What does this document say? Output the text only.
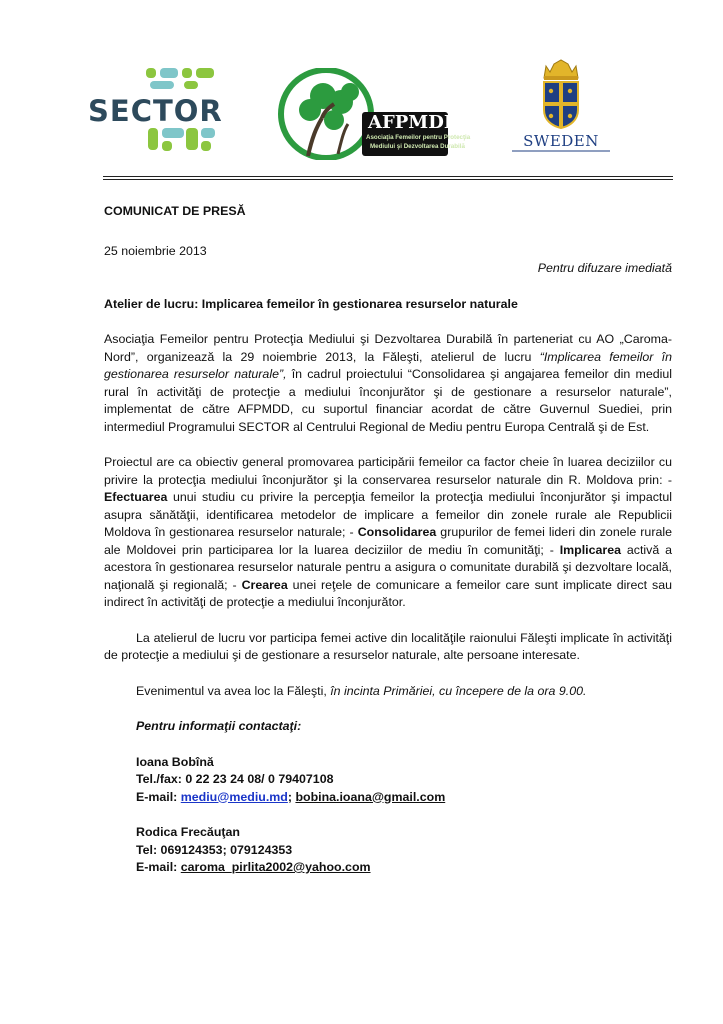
SECTOR	AFPMDD
Asociaţia Femeilor pentru Protecţia
Mediului şi Dezvoltarea Durabilă	SWEDEN

COMUNICAT DE PRESĂ

25 noiembrie 2013

Pentru difuzare imediată

Atelier de lucru: Implicarea femeilor în gestionarea resurselor naturale

Asociaţia Femeilor pentru Protecţia Mediului şi Dezvoltarea Durabilă în parteneriat cu AO „Caroma-Nord”, organizează la 29 noiembrie 2013, la Făleşti, atelierul de lucru “Implicarea femeilor în gestionarea resurselor naturale”, în cadrul proiectului “Consolidarea şi angajarea femeilor din mediul rural în activităţi de protecţie a mediului înconjurător şi de gestionare a resurselor naturale”, implementat de către AFPMDD, cu suportul financiar acordat de către Guvernul Suediei, prin intermediul Programului SECTOR al Centrului Regional de Mediu pentru Europa Centrală şi de Est.

Proiectul are ca obiectiv general promovarea participării femeilor ca factor cheie în luarea deciziilor cu privire la protecţia mediului înconjurător şi la conservarea resurselor naturale din R. Moldova prin: - Efectuarea unui studiu cu privire la percepţia femeilor la protecţia mediului înconjurător şi impactul asupra sănătăţii, identificarea metodelor de implicare a femeilor din zonele rurale ale Republicii Moldova în gestionarea resurselor naturale; - Consolidarea grupurilor de femei lideri din zonele rurale ale Moldovei prin participarea lor la luarea deciziilor de mediu în comunităţi; - Implicarea activă a acestora în gestionarea resurselor naturale pentru a asigura o comunitate durabilă şi dezvoltare locală, naţională şi regională; - Crearea unei reţele de comunicare a femeilor care sunt implicate direct sau indirect în activităţi de protecţie a mediului înconjurător.

La atelierul de lucru vor participa femei active din localităţile raionului Făleşti implicate în activităţi de protecţie a mediului şi de gestionare a resurselor naturale, alte persoane interesate.

Evenimentul va avea loc la Făleşti, în incinta Primăriei, cu începere de la ora 9.00.

Pentru informaţii contactaţi:

Ioana Bobînă

Tel./fax: 0 22 23 24 08/ 0 79407108

E-mail: mediu@mediu.md; bobina.ioana@gmail.com

Rodica Frecăuţan

Tel: 069124353; 079124353

E-mail: caroma_pirlita2002@yahoo.com
